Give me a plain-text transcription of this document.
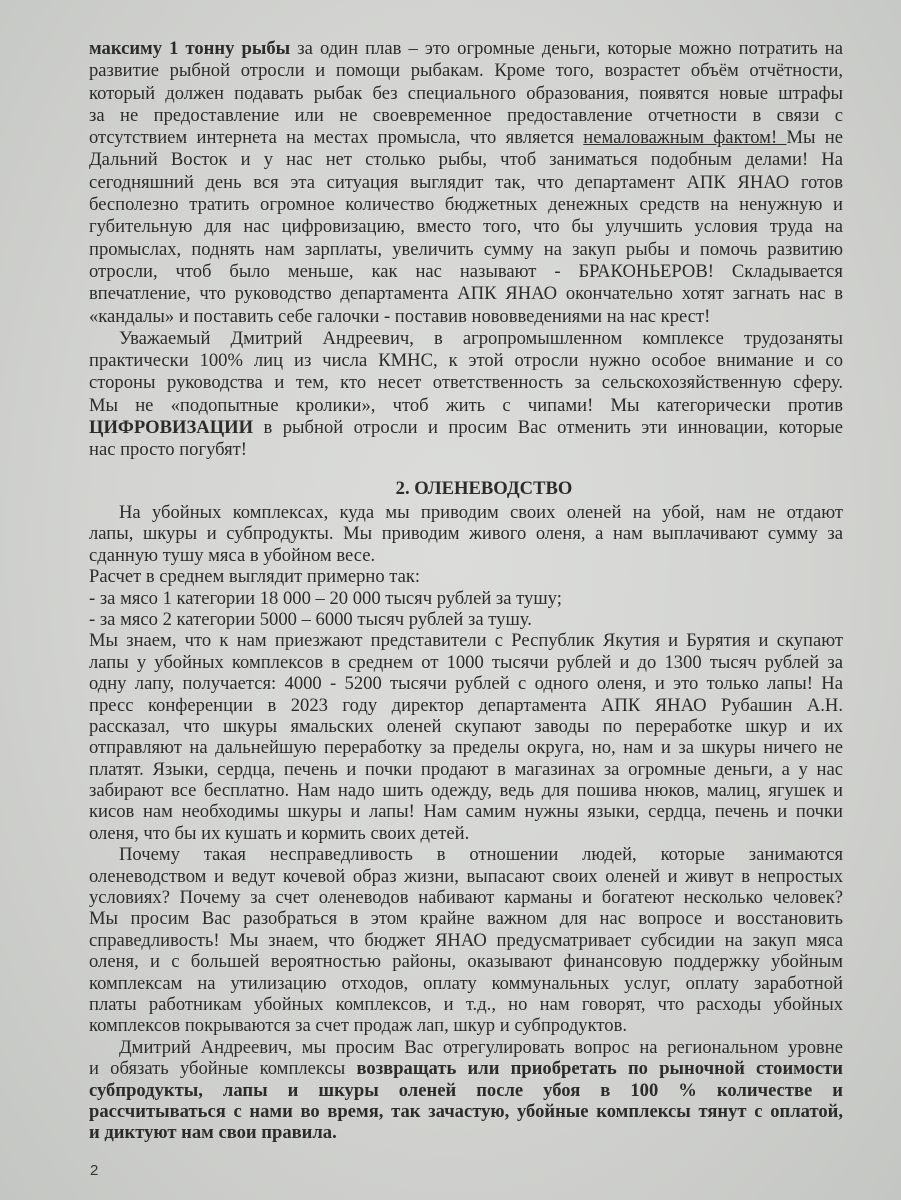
максиму 1 тонну рыбы за один плав – это огромные деньги, которые можно потратить на
развитие рыбной отросли и помощи рыбакам. Кроме того, возрастет объём отчётности,
который должен подавать рыбак без специального образования, появятся новые штрафы
за не предоставление или не своевременное предоставление отчетности в связи с
отсутствием интернета на местах промысла, что является немаловажным фактом! Мы не
Дальний Восток и у нас нет столько рыбы, чтоб заниматься подобным делами! На
сегодняшний день вся эта ситуация выглядит так, что департамент АПК ЯНАО готов
бесполезно тратить огромное количество бюджетных денежных средств на ненужную и
губительную для нас цифровизацию, вместо того, что бы улучшить условия труда на
промыслах, поднять нам зарплаты, увеличить сумму на закуп рыбы и помочь развитию
отросли, чтоб было меньше, как нас называют - БРАКОНЬЕРОВ! Складывается
впечатление, что руководство департамента АПК ЯНАО окончательно хотят загнать нас в
«кандалы» и поставить себе галочки - поставив нововведениями на нас крест!
Уважаемый Дмитрий Андреевич, в агропромышленном комплексе трудозаняты
практически 100% лиц из числа КМНС, к этой отросли нужно особое внимание и со
стороны руководства и тем, кто несет ответственность за сельскохозяйственную сферу.
Мы не «подопытные кролики», чтоб жить с чипами! Мы категорически против
ЦИФРОВИЗАЦИИ в рыбной отросли и просим Вас отменить эти инновации, которые
нас просто погубят!
2. ОЛЕНЕВОДСТВО
На убойных комплексах, куда мы приводим своих оленей на убой, нам не отдают
лапы, шкуры и субпродукты. Мы приводим живого оленя, а нам выплачивают сумму за
сданную тушу мяса в убойном весе.
Расчет в среднем выглядит примерно так:
- за мясо 1 категории 18 000 – 20 000 тысяч рублей за тушу;
- за мясо 2 категории 5000 – 6000 тысяч рублей за тушу.
Мы знаем, что к нам приезжают представители с Республик Якутия и Бурятия и скупают
лапы у убойных комплексов в среднем от 1000 тысячи рублей и до 1300 тысяч рублей за
одну лапу, получается: 4000 - 5200 тысячи рублей с одного оленя, и это только лапы! На
пресс конференции в 2023 году директор департамента АПК ЯНАО Рубашин А.Н.
рассказал, что шкуры ямальских оленей скупают заводы по переработке шкур и их
отправляют на дальнейшую переработку за пределы округа, но, нам и за шкуры ничего не
платят. Языки, сердца, печень и почки продают в магазинах за огромные деньги, а у нас
забирают все бесплатно. Нам надо шить одежду, ведь для пошива нюков, малиц, ягушек и
кисов нам необходимы шкуры и лапы! Нам самим нужны языки, сердца, печень и почки
оленя, что бы их кушать и кормить своих детей.
Почему такая несправедливость в отношении людей, которые занимаются
оленеводством и ведут кочевой образ жизни, выпасают своих оленей и живут в непростых
условиях? Почему за счет оленеводов набивают карманы и богатеют несколько человек?
Мы просим Вас разобраться в этом крайне важном для нас вопросе и восстановить
справедливость! Мы знаем, что бюджет ЯНАО предусматривает субсидии на закуп мяса
оленя, и с большей вероятностью районы, оказывают финансовую поддержку убойным
комплексам на утилизацию отходов, оплату коммунальных услуг, оплату заработной
платы работникам убойных комплексов, и т.д., но нам говорят, что расходы убойных
комплексов покрываются за счет продаж лап, шкур и субпродуктов.
Дмитрий Андреевич, мы просим Вас отрегулировать вопрос на региональном уровне
и обязать убойные комплексы возвращать или приобретать по рыночной стоимости
субпродукты, лапы и шкуры оленей после убоя в 100 % количестве и
рассчитываться с нами во время, так зачастую, убойные комплексы тянут с оплатой,
и диктуют нам свои правила.
2
